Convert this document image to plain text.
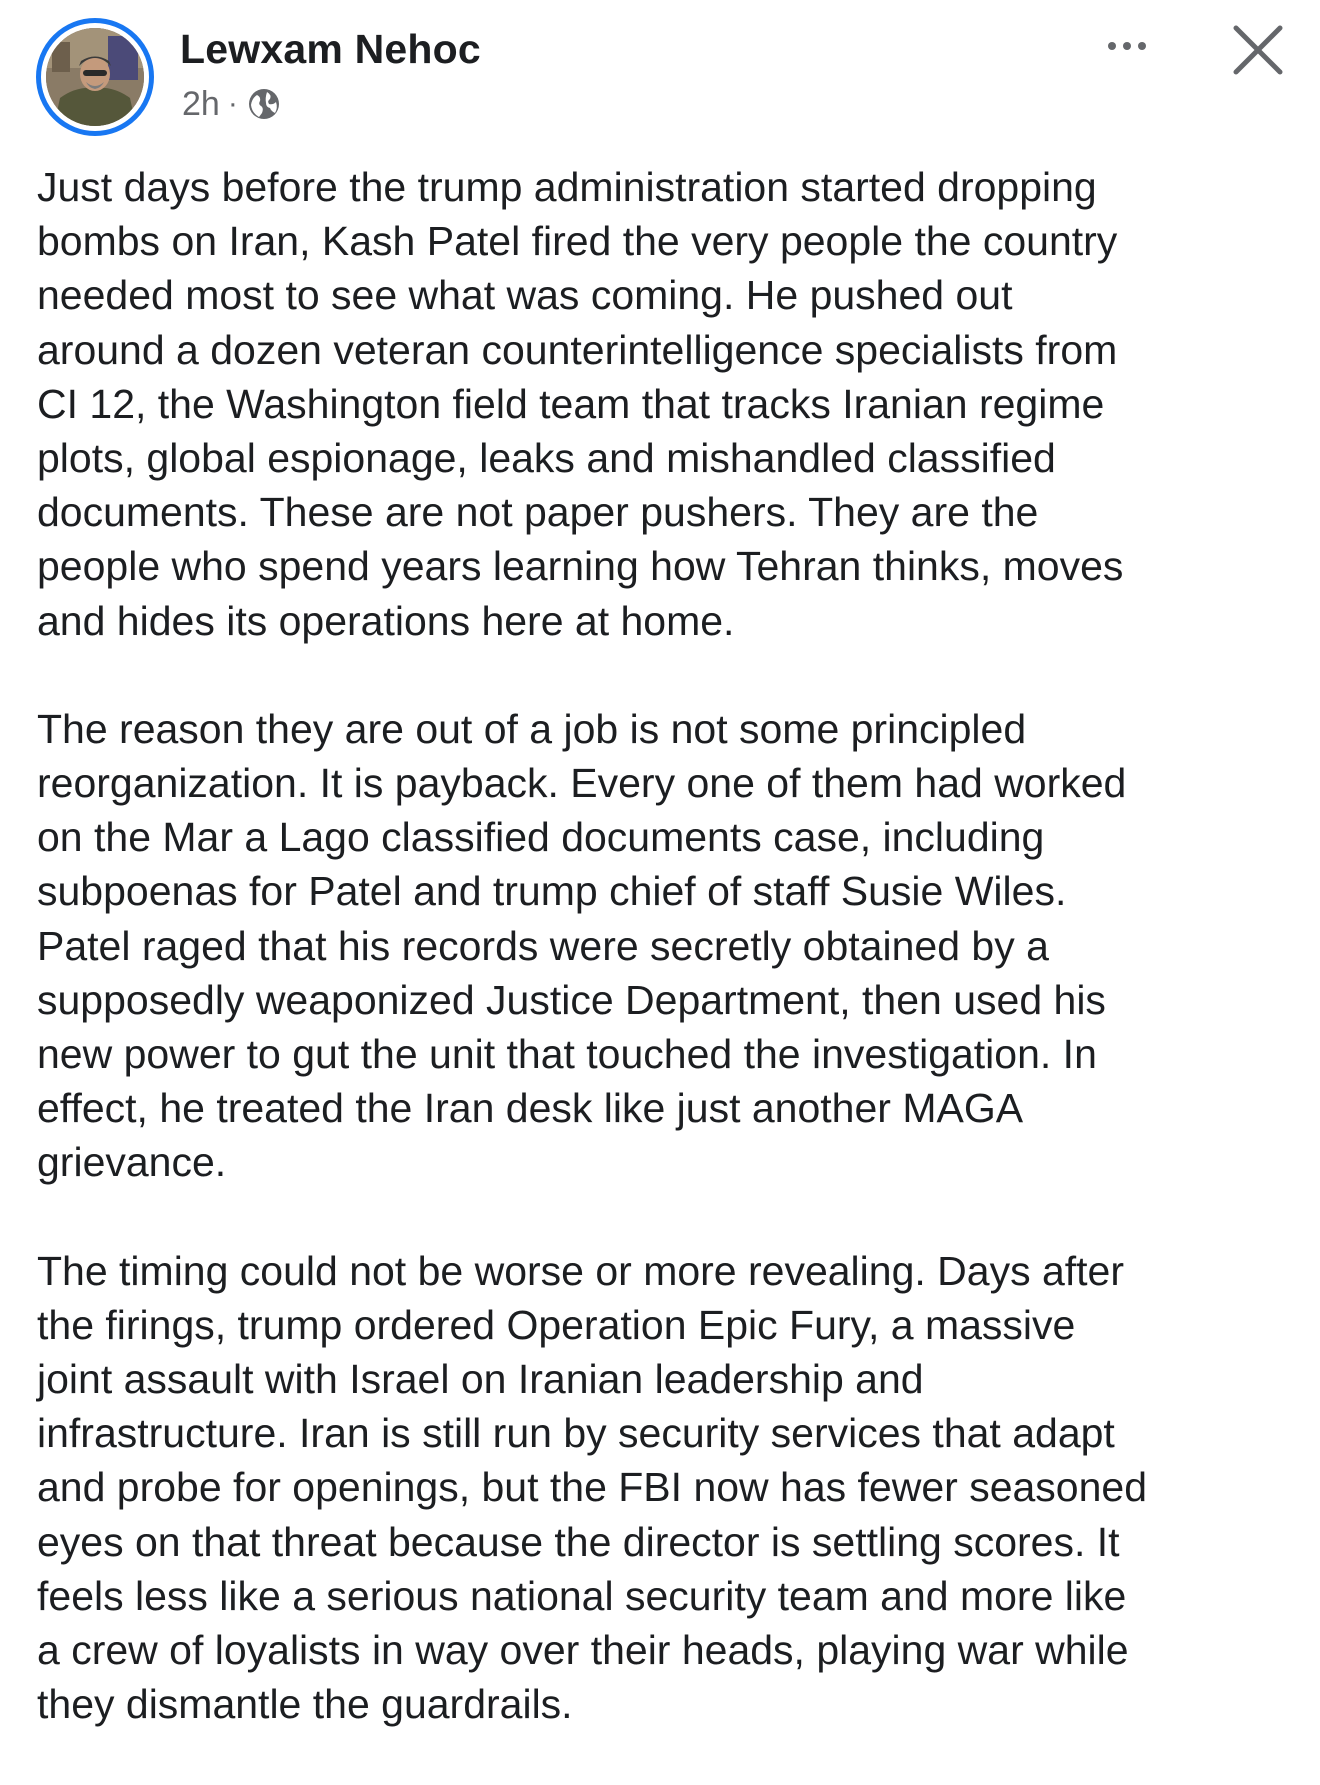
Lewxam Nehoc
2h ·

Just days before the trump administration started dropping
bombs on Iran, Kash Patel fired the very people the country
needed most to see what was coming. He pushed out
around a dozen veteran counterintelligence specialists from
CI 12, the Washington field team that tracks Iranian regime
plots, global espionage, leaks and mishandled classified
documents. These are not paper pushers. They are the
people who spend years learning how Tehran thinks, moves
and hides its operations here at home.

The reason they are out of a job is not some principled
reorganization. It is payback. Every one of them had worked
on the Mar a Lago classified documents case, including
subpoenas for Patel and trump chief of staff Susie Wiles.
Patel raged that his records were secretly obtained by a
supposedly weaponized Justice Department, then used his
new power to gut the unit that touched the investigation. In
effect, he treated the Iran desk like just another MAGA
grievance.

The timing could not be worse or more revealing. Days after
the firings, trump ordered Operation Epic Fury, a massive
joint assault with Israel on Iranian leadership and
infrastructure. Iran is still run by security services that adapt
and probe for openings, but the FBI now has fewer seasoned
eyes on that threat because the director is settling scores. It
feels less like a serious national security team and more like
a crew of loyalists in way over their heads, playing war while
they dismantle the guardrails.
